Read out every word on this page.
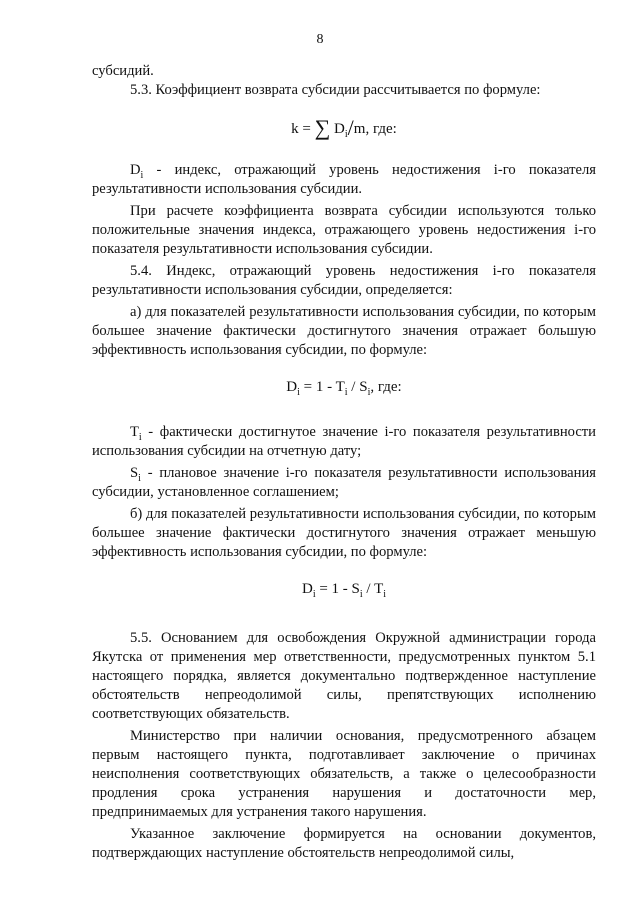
8

субсидий.

5.3. Коэффициент возврата субсидии рассчитывается по формуле:

k = ∑ $D_i/m$, где:

$D_i$ - индекс, отражающий уровень недостижения i-го показателя результативности использования субсидии.

При расчете коэффициента возврата субсидии используются только положительные значения индекса, отражающего уровень недостижения i-го показателя результативности использования субсидии.

5.4. Индекс, отражающий уровень недостижения i-го показателя результативности использования субсидии, определяется:

а) для показателей результативности использования субсидии, по которым большее значение фактически достигнутого значения отражает большую эффективность использования субсидии, по формуле:

$D_i = 1 - T_i / S_i$, где:

$T_i$ - фактически достигнутое значение i-го показателя результативности использования субсидии на отчетную дату;

$S_i$ - плановое значение i-го показателя результативности использования субсидии, установленное соглашением;

б) для показателей результативности использования субсидии, по которым большее значение фактически достигнутого значения отражает меньшую эффективность использования субсидии, по формуле:

$D_i = 1 - S_i / T_i$

5.5. Основанием для освобождения Окружной администрации города Якутска от применения мер ответственности, предусмотренных пунктом 5.1 настоящего порядка, является документально подтвержденное наступление обстоятельств непреодолимой силы, препятствующих исполнению соответствующих обязательств.

Министерство при наличии основания, предусмотренного абзацем первым настоящего пункта, подготавливает заключение о причинах неисполнения соответствующих обязательств, а также о целесообразности продления срока устранения нарушения и достаточности мер, предпринимаемых для устранения такого нарушения.

Указанное заключение формируется на основании документов, подтверждающих наступление обстоятельств непреодолимой силы,
